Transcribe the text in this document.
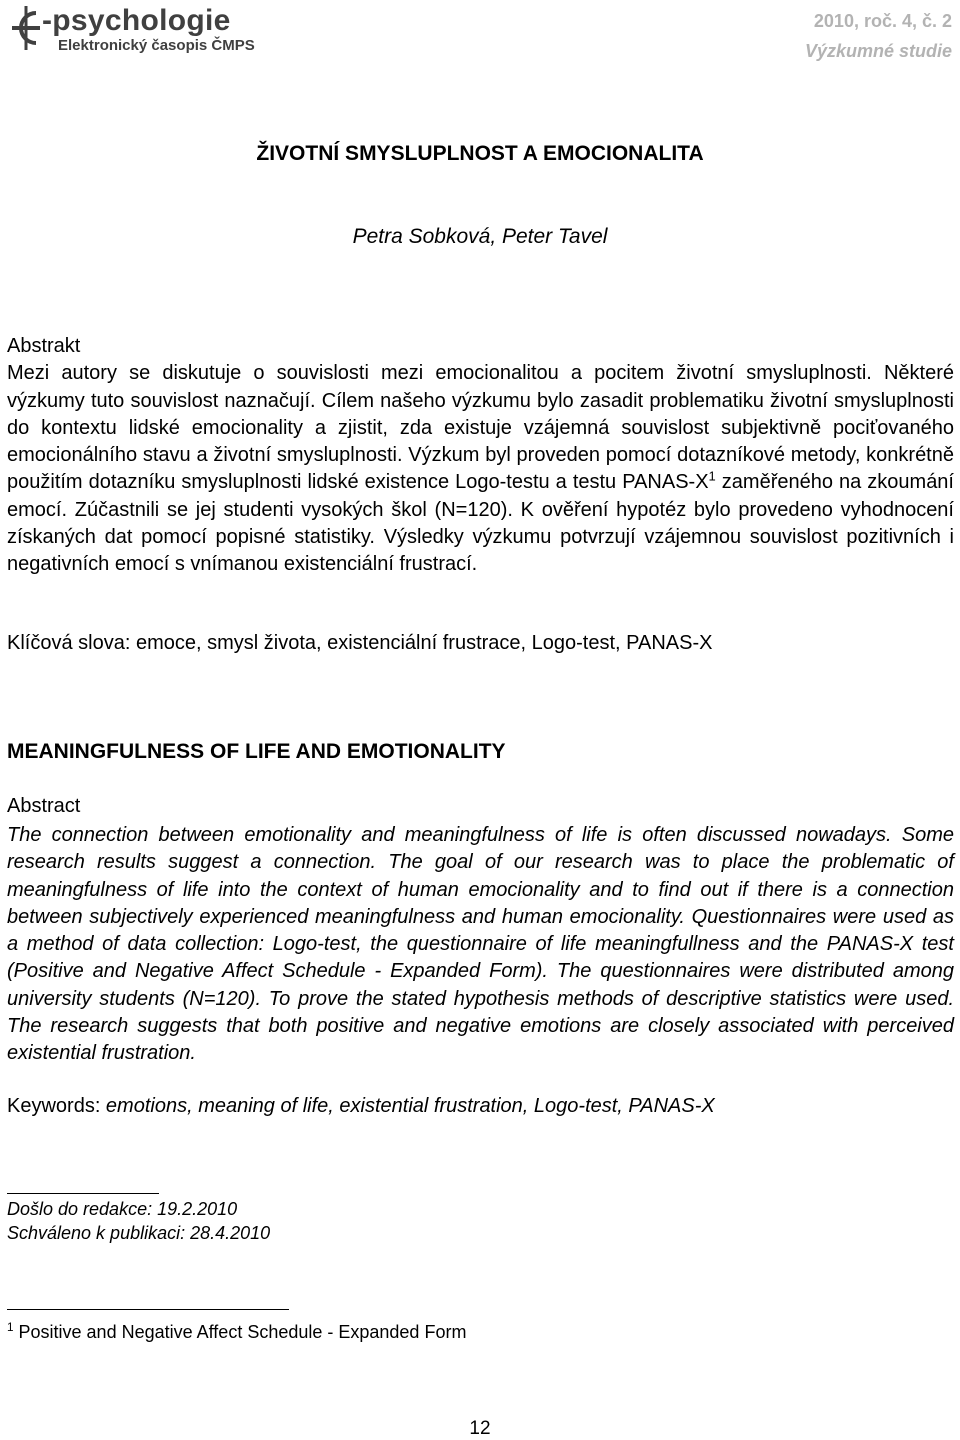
-psychologie
Elektronický časopis ČMPS
2010, roč. 4, č. 2
Výzkumné studie
ŽIVOTNÍ SMYSLUPLNOST A EMOCIONALITA
Petra Sobková, Peter Tavel

Abstrakt

Mezi autory se diskutuje o souvislosti mezi emocionalitou a pocitem životní smysluplnosti. Některé výzkumy tuto souvislost naznačují. Cílem našeho výzkumu bylo zasadit problematiku životní smysluplnosti do kontextu lidské emocionality a zjistit, zda existuje vzájemná souvislost subjektivně pociťovaného emocionálního stavu a životní smysluplnosti. Výzkum byl proveden pomocí dotazníkové metody, konkrétně použitím dotazníku smysluplnosti lidské existence Logo-testu a testu PANAS-$X^1$ zaměřeného na zkoumání emocí. Zúčastnili se jej studenti vysokých škol (N=120). K ověření hypotéz bylo provedeno vyhodnocení získaných dat pomocí popisné statistiky. Výsledky výzkumu potvrzují vzájemnou souvislost pozitivních i negativních emocí s vnímanou existenciální frustrací.

Klíčová slova: emoce, smysl života, existenciální frustrace, Logo-test, PANAS-X
MEANINGFULNESS OF LIFE AND EMOTIONALITY
Abstract

The connection between emotionality and meaningfulness of life is often discussed nowadays. Some research results suggest a connection. The goal of our research was to place the problematic of meaningfulness of life into the context of human emocionality and to find out if there is a connection between subjectively experienced meaningfulness and human emocionality. Questionnaires were used as a method of data collection: Logo-test, the questionnaire of life meaningfullness and the PANAS-X test (Positive and Negative Affect Schedule - Expanded Form). The questionnaires were distributed among university students (N=120). To prove the stated hypothesis methods of descriptive statistics were used. The research suggests that both positive and negative emotions are closely associated with perceived existential frustration.

Keywords: emotions, meaning of life, existential frustration, Logo-test, PANAS-X
Došlo do redakce: 19.2.2010
Schváleno k publikaci: 28.4.2010
$^1$ Positive and Negative Affect Schedule - Expanded Form
12
